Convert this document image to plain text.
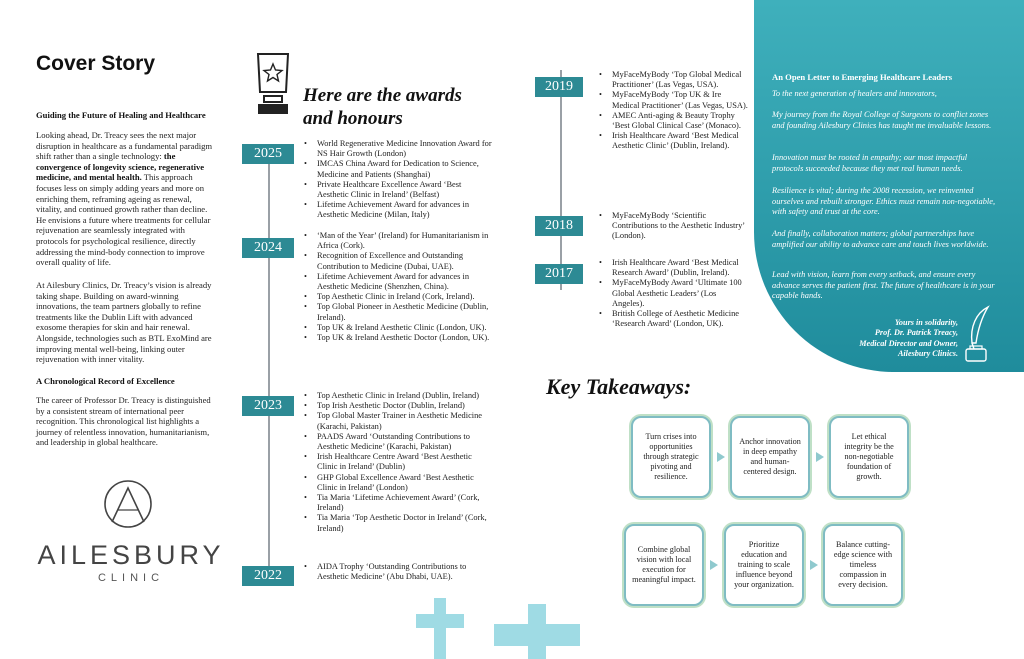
Cover Story
Guiding the Future of Healing and Healthcare
Looking ahead, Dr. Treacy sees the next major disruption in healthcare as a fundamental paradigm shift rather than a single technology: the convergence of longevity science, regenerative medicine, and mental health. This approach focuses less on simply adding years and more on enriching them, reframing ageing as renewal, vitality, and continued growth rather than decline. He envisions a future where treatments for cellular rejuvenation are seamlessly integrated with protocols for psychological resilience, directly addressing the mind-body connection to improve overall quality of life.
At Ailesbury Clinics, Dr. Treacy’s vision is already taking shape. Building on award-winning innovations, the team partners globally to refine treatments like the Dublin Lift with advanced exosome therapies for skin and hair renewal. Alongside, technologies such as BTL ExoMind are improving mental well-being, linking outer rejuvenation with inner vitality.
A Chronological Record of Excellence
The career of Professor Dr. Treacy is distinguished by a consistent stream of international peer recognition. This chronological list highlights a journey of relentless innovation, humanitarianism, and leadership in global healthcare.
AILESBURY
CLINIC
Here are the awards
and honours
2025
• World Regenerative Medicine Innovation Award for NS Hair Growth (London)
• IMCAS China Award for Dedication to Science, Medicine and Patients (Shanghai)
• Private Healthcare Excellence Award ‘Best Aesthetic Clinic in Ireland’ (Belfast)
• Lifetime Achievement Award for advances in Aesthetic Medicine (Milan, Italy)
2024
• ‘Man of the Year’ (Ireland) for Humanitarianism in Africa (Cork).
• Recognition of Excellence and Outstanding Contribution to Medicine (Dubai, UAE).
• Lifetime Achievement Award for advances in Aesthetic Medicine (Shenzhen, China).
• Top Aesthetic Clinic in Ireland (Cork, Ireland).
• Top Global Pioneer in Aesthetic Medicine (Dublin, Ireland).
• Top UK & Ireland Aesthetic Clinic (London, UK).
• Top UK & Ireland Aesthetic Doctor (London, UK).
2023
• Top Aesthetic Clinic in Ireland (Dublin, Ireland)
• Top Irish Aesthetic Doctor (Dublin, Ireland)
• Top Global Master Trainer in Aesthetic Medicine (Karachi, Pakistan)
• PAADS Award ‘Outstanding Contributions to Aesthetic Medicine’ (Karachi, Pakistan)
• Irish Healthcare Centre Award ‘Best Aesthetic Clinic in Ireland’ (Dublin)
• GHP Global Excellence Award ‘Best Aesthetic Clinic in Ireland’ (London)
• Tia Maria ‘Lifetime Achievement Award’ (Cork, Ireland)
• Tia Maria ‘Top Aesthetic Doctor in Ireland’ (Cork, Ireland)
2022
• AIDA Trophy ‘Outstanding Contributions to Aesthetic Medicine’ (Abu Dhabi, UAE).
2019
• MyFaceMyBody ‘Top Global Medical Practitioner’ (Las Vegas, USA).
• MyFaceMyBody ‘Top UK & Ire Medical Practitioner’ (Las Vegas, USA).
• AMEC Anti-aging & Beauty Trophy ‘Best Global Clinical Case’ (Monaco).
• Irish Healthcare Award ‘Best Medical Aesthetic Clinic’ (Dublin, Ireland).
2018
• MyFaceMyBody ‘Scientific Contributions to the Aesthetic Industry’ (London).
2017
• Irish Healthcare Award ‘Best Medical Research Award’ (Dublin, Ireland).
• MyFaceMyBody Award ‘Ultimate 100 Global Aesthetic Leaders’ (Los Angeles).
• British College of Aesthetic Medicine ‘Research Award’ (London, UK).
Key Takeaways:
Turn crises into opportunities through strategic pivoting and resilience.
Anchor innovation in deep empathy and human-centered design.
Let ethical integrity be the non-negotiable foundation of growth.
Combine global vision with local execution for meaningful impact.
Prioritize education and training to scale influence beyond your organization.
Balance cutting-edge science with timeless compassion in every decision.
An Open Letter to Emerging Healthcare Leaders
To the next generation of healers and innovators,
My journey from the Royal College of Surgeons to conflict zones and founding Ailesbury Clinics has taught me invaluable lessons.
Innovation must be rooted in empathy; our most impactful protocols succeeded because they met real human needs.
Resilience is vital; during the 2008 recession, we reinvented ourselves and rebuilt stronger. Ethics must remain non-negotiable, with safety and trust at the core.
And finally, collaboration matters; global partnerships have amplified our ability to advance care and touch lives worldwide.
Lead with vision, learn from every setback, and ensure every advance serves the patient first. The future of healthcare is in your capable hands.
Yours in solidarity,
Prof. Dr. Patrick Treacy,
Medical Director and Owner,
Ailesbury Clinics.
